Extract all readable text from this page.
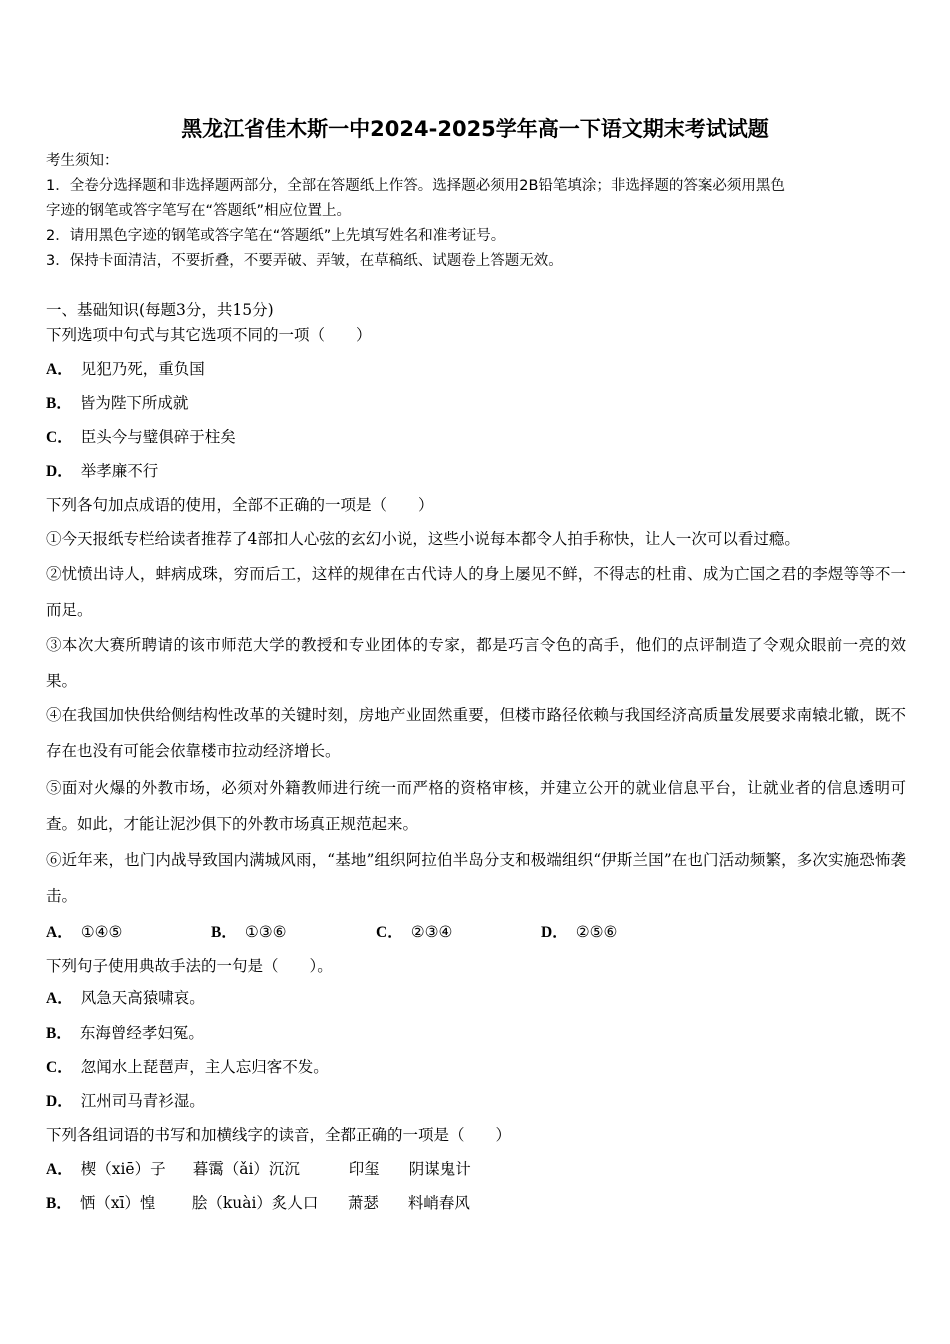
黑龙江省佳木斯一中2024-2025学年高一下语文期末考试试题
考生须知：
1．全卷分选择题和非选择题两部分，全部在答题纸上作答。选择题必须用2B铅笔填涂；非选择题的答案必须用黑色
字迹的钢笔或答字笔写在“答题纸”相应位置上。
2．请用黑色字迹的钢笔或答字笔在“答题纸”上先填写姓名和准考证号。
3．保持卡面清洁，不要折叠，不要弄破、弄皱，在草稿纸、试题卷上答题无效。
一、基础知识(每题3分，共15分)
下列选项中句式与其它选项不同的一项（　　）
A． 见犯乃死，重负国
B． 皆为陛下所成就
C． 臣头今与璧俱碎于柱矣
D． 举孝廉不行
下列各句加点成语的使用，全部不正确的一项是（　　）
①今天报纸专栏给读者推荐了4部扣人心弦的玄幻小说，这些小说每本都令人拍手称快，让人一次可以看过瘾。
②忧愤出诗人，蚌病成珠，穷而后工，这样的规律在古代诗人的身上屡见不鲜，不得志的杜甫、成为亡国之君的李煜等等不一而足。
③本次大赛所聘请的该市师范大学的教授和专业团体的专家，都是巧言令色的高手，他们的点评制造了令观众眼前一亮的效果。
④在我国加快供给侧结构性改革的关键时刻，房地产业固然重要，但楼市路径依赖与我国经济高质量发展要求南辕北辙，既不存在也没有可能会依靠楼市拉动经济增长。
⑤面对火爆的外教市场，必须对外籍教师进行统一而严格的资格审核，并建立公开的就业信息平台，让就业者的信息透明可查。如此，才能让泥沙俱下的外教市场真正规范起来。
⑥近年来，也门内战导致国内满城风雨，“基地”组织阿拉伯半岛分支和极端组织“伊斯兰国”在也门活动频繁，多次实施恐怖袭击。
A． ①④⑤	B． ①③⑥	C． ②③④	D． ②⑤⑥
下列句子使用典故手法的一句是（　　）。
A． 风急天高猿啸哀。
B． 东海曾经孝妇冤。
C． 忽闻水上琵琶声，主人忘归客不发。
D． 江州司马青衫湿。
下列各组词语的书写和加横线字的读音，全都正确的一项是（　　）
A． 楔（xiē）子 暮霭（ǎi）沉沉	印玺 阴谋鬼计
B． 恓（xī）惶 脍（kuài）炙人口 萧瑟 料峭春风
